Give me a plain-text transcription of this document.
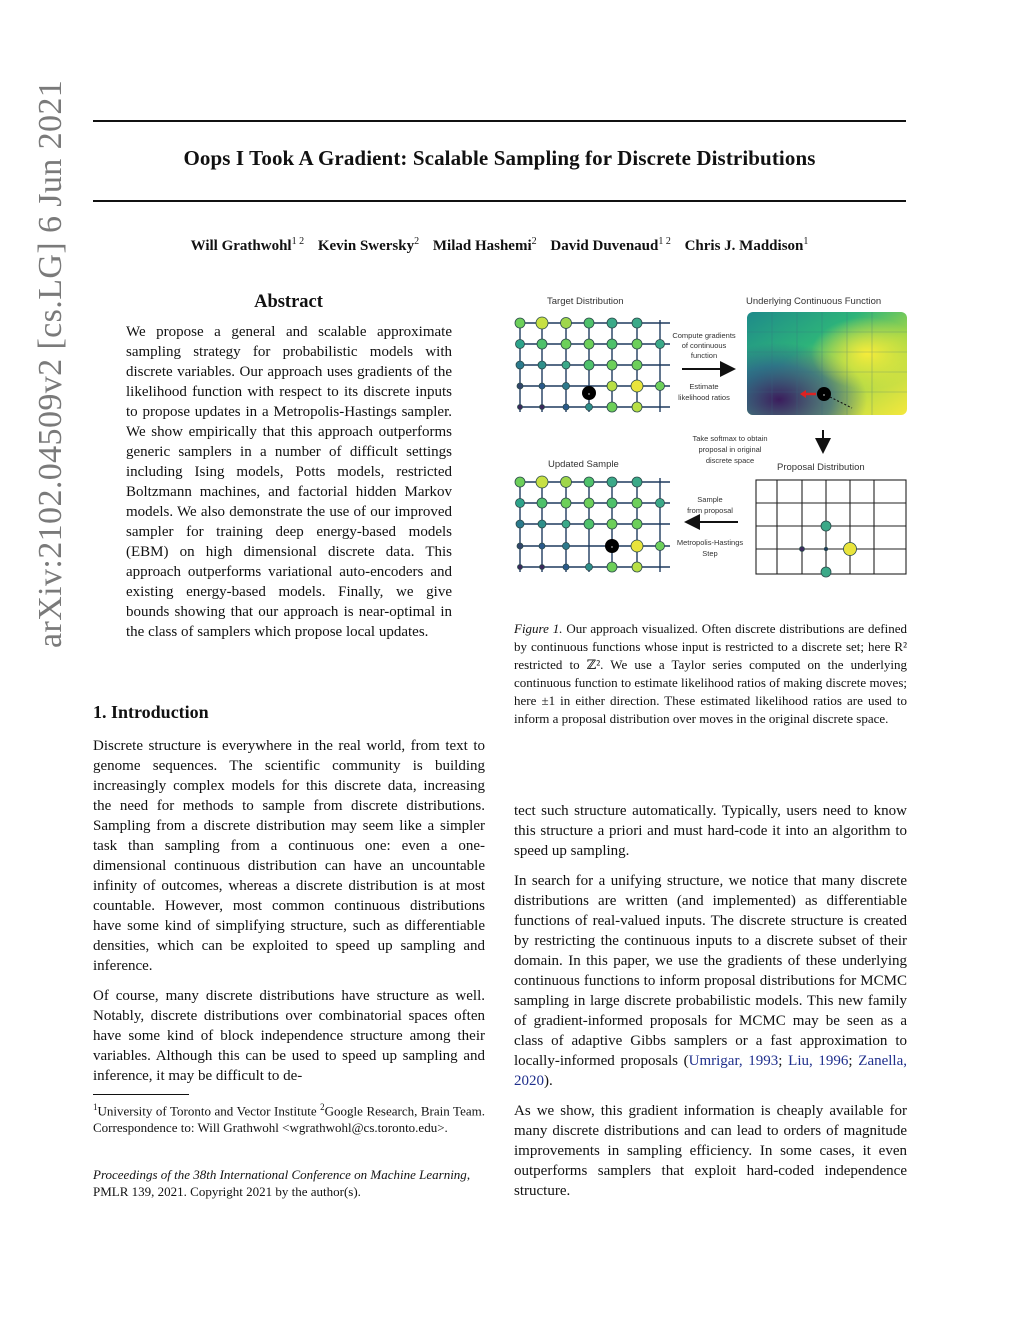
Oops I Took A Gradient: Scalable Sampling for Discrete Distributions
Will Grathwohl$^{1 2}$ Kevin Swersky$^2$ Milad Hashemi$^2$ David Duvenaud$^{1 2}$ Chris J. Maddison$^1$
arXiv:2102.04509v2 [cs.LG] 6 Jun 2021	Abstract
We propose a general and scalable approximate sampling strategy for probabilistic models with discrete variables. Our approach uses gradients of the likelihood function with respect to its discrete inputs to propose updates in a Metropolis-Hastings sampler. We show empirically that this approach outperforms generic samplers in a number of difficult settings including Ising models, Potts models, restricted Boltzmann machines, and factorial hidden Markov models. We also demonstrate the use of our improved sampler for training deep energy-based models (EBM) on high dimensional discrete data. This approach outperforms variational auto-encoders and existing energy-based models. Finally, we give bounds showing that our approach is near-optimal in the class of samplers which propose local updates.
1. Introduction

Discrete structure is everywhere in the real world, from text to genome sequences. The scientific community is building increasingly complex models for this discrete data, increasing the need for methods to sample from discrete distributions. Sampling from a discrete distribution may seem like a simpler task than sampling from a continuous one: even a one-dimensional continuous distribution can have an uncountable infinity of outcomes, whereas a discrete distribution is at most countable. However, most common continuous distributions have some kind of simplifying structure, such as differentiable densities, which can be exploited to speed up sampling and inference.

Of course, many discrete distributions have structure as well. Notably, discrete distributions over combinatorial spaces often have some kind of block independence structure among their variables. Although this can be used to speed up sampling and inference, it may be difficult to de-

$^1$University of Toronto and Vector Institute $^2$Google Research, Brain Team. Correspondence to: Will Grathwohl <wgrathwohl@cs.toronto.edu>.
Proceedings of the 38th International Conference on Machine Learning, PMLR 139, 2021. Copyright 2021 by the author(s).
Target Distribution	Underlying Continuous Function
Updated Sample	Proposal Distribution
x	x
Compute gradients
of continuous
function
Estimate
likelihood ratios
Take softmax to obtain
proposal in original
discrete space
Sample
from proposal
Metropolis-Hastings
Step
x
Figure 1. Our approach visualized. Often discrete distributions are defined by continuous functions whose input is restricted to a discrete set; here R² restricted to ℤ². We use a Taylor series computed on the underlying continuous function to estimate likelihood ratios of making discrete moves; here ±1 in either direction. These estimated likelihood ratios are used to inform a proposal distribution over moves in the original discrete space.

tect such structure automatically. Typically, users need to know this structure a priori and must hard-code it into an algorithm to speed up sampling.

In search for a unifying structure, we notice that many discrete distributions are written (and implemented) as differentiable functions of real-valued inputs. The discrete structure is created by restricting the continuous inputs to a discrete subset of their domain. In this paper, we use the gradients of these underlying continuous functions to inform proposal distributions for MCMC sampling in large discrete probabilistic models. This new family of gradient-informed proposals for MCMC may be seen as a class of adaptive Gibbs samplers or a fast approximation to locally-informed proposals (Umrigar, 1993; Liu, 1996; Zanella, 2020).

As we show, this gradient information is cheaply available for many discrete distributions and can lead to orders of magnitude improvements in sampling efficiency. In some cases, it even outperforms samplers that exploit hard-coded independence structure.
